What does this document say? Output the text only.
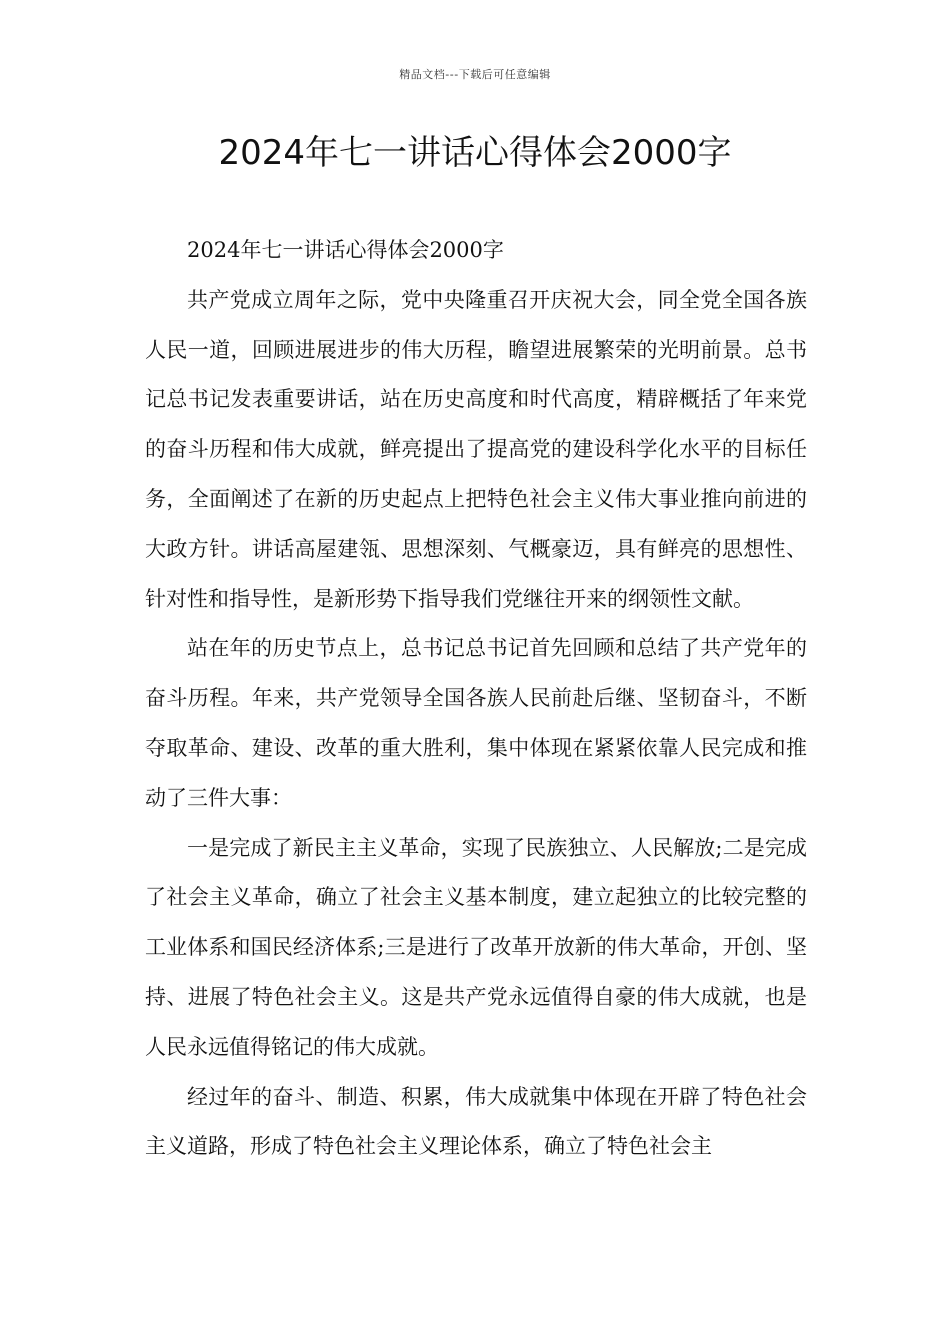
精品文档---下载后可任意编辑
2024年七一讲话心得体会2000字

2024年七一讲话心得体会2000字

共产党成立周年之际，党中央隆重召开庆祝大会，同全党全国各族人民一道，回顾进展进步的伟大历程，瞻望进展繁荣的光明前景。总书记总书记发表重要讲话，站在历史高度和时代高度，精辟概括了年来党的奋斗历程和伟大成就，鲜亮提出了提高党的建设科学化水平的目标任务，全面阐述了在新的历史起点上把特色社会主义伟大事业推向前进的大政方针。讲话高屋建瓴、思想深刻、气概豪迈，具有鲜亮的思想性、针对性和指导性，是新形势下指导我们党继往开来的纲领性文献。

站在年的历史节点上，总书记总书记首先回顾和总结了共产党年的奋斗历程。年来，共产党领导全国各族人民前赴后继、坚韧奋斗，不断夺取革命、建设、改革的重大胜利，集中体现在紧紧依靠人民完成和推动了三件大事：

一是完成了新民主主义革命，实现了民族独立、人民解放;二是完成了社会主义革命，确立了社会主义基本制度，建立起独立的比较完整的工业体系和国民经济体系;三是进行了改革开放新的伟大革命，开创、坚持、进展了特色社会主义。这是共产党永远值得自豪的伟大成就，也是人民永远值得铭记的伟大成就。

经过年的奋斗、制造、积累，伟大成就集中体现在开辟了特色社会主义道路，形成了特色社会主义理论体系，确立了特色社会主
